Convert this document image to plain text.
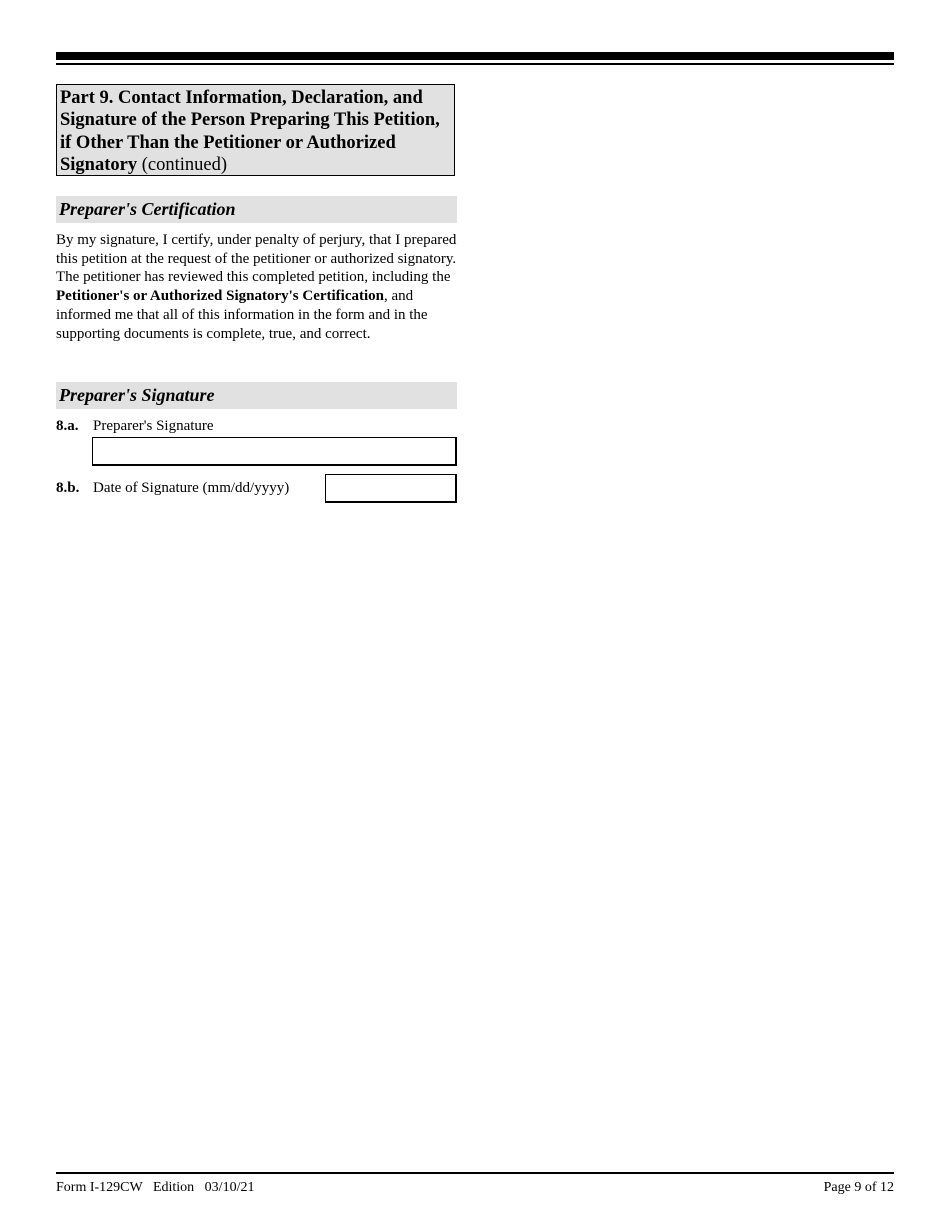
Part 9. Contact Information, Declaration, and Signature of the Person Preparing This Petition, if Other Than the Petitioner or Authorized Signatory (continued)
Preparer's Certification
By my signature, I certify, under penalty of perjury, that I prepared this petition at the request of the petitioner or authorized signatory. The petitioner has reviewed this completed petition, including the Petitioner's or Authorized Signatory's Certification, and informed me that all of this information in the form and in the supporting documents is complete, true, and correct.
Preparer's Signature
8.a. Preparer's Signature
8.b. Date of Signature (mm/dd/yyyy)
Form I-129CW   Edition   03/10/21	Page 9 of 12
